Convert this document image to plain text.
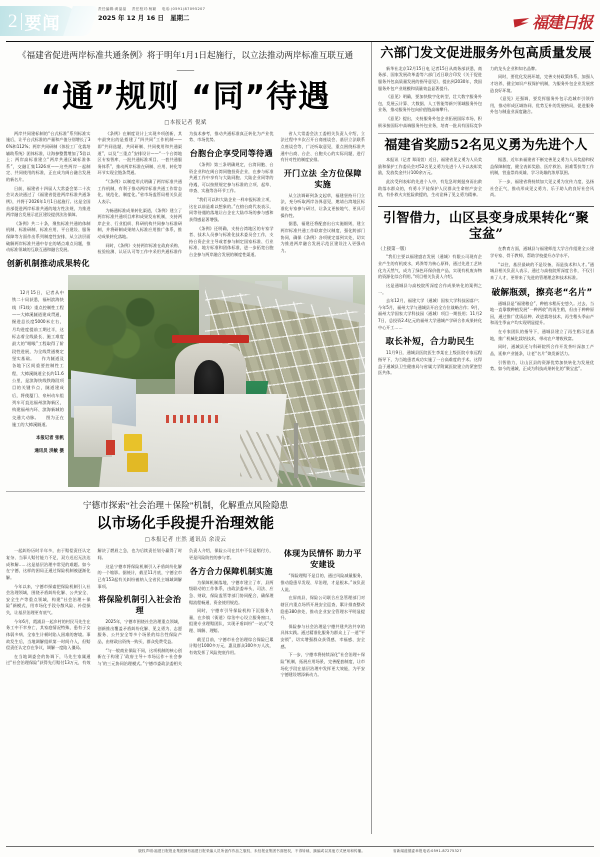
2 要闻
责任编辑∶黄晶晶 　责任校对∶杨颖 　电话∶(0591)87095207
2025 年 12 月 16 日　星期二	福建日报
《福建省促进两岸标准共通条例》将于明年1月1日起施行，以立法推动两岸标准互联互通——
“通”规则 “同”待遇
□本报记者 倪斌

两岸共同建标制的“台式标准”系列标准实施后，让平台式标准的产量和产值分别增长了36%和112%；两岸共同研制《体验工厂化栽培辅助系统》团体标准，让海参整置增加了5倍以上；两岸高标准建立“两岸共通区域标准体系”，交融汇集1326项——这些两岸一起制定、共同使用的标准，正在成为闽台融合发展的新名片。

日前，福建省十四届人大常委会第二十次会议表决通过了《福建省促进两岸标准共通条例》，并将于2026年1月1日起施行。这是全国首部促进两岸标准共通的地方性法规，为推进两岸融合发展示范区建设提供法治保障。

《条例》共二十条，聚焦标准共通的体制机制、标准研制、标准应用、平台建设、服务保障等方面作出系列制度性安排，从立法层面破解两岸标准共通中存在的堵点难点问题，推动标准领域的互联互通和融合发展。

创新机制推动成果转化

《条例》在制度设计上实现多项创新，其中最突出的是搭建了“四共同”工作机制——即“共同选题、共同研制、共同使用和共通渠道”，以及“三重点”安排设计——“一个台湾地区专家智库、一批共通标准项目、一套共通服务体系”，推动两岸标准在研制、应用、转化等环节实现全链条贯通。

“《条例》以制度形式明确了两岸标准共通工作机制，有利于推动两岸标准共通工作常态化、规范化、制度化。”省市场监管局相关负责人表示。

为畅通标准成果转化渠道，《条例》建立了两岸标准共通项目库和成果发布机制，支持两岸企业、行业组织、科研机构共同参与标准研制，并将研制成果纳入标准应用推广体系，推动成果转化落地。

同时，《条例》支持两岸标准在政府采购、检验检测、认证认可等工作中采用共通标准作为技术参考，推动共通标准真正转化为产业优势、市场优势。

台胞台企享受同等待遇

《条例》第三条明确规定，台湾同胞、台资企业和在闽台湾同胞投资企业，在参与标准共通工作中享有与大陆同胞、大陆企业同等的待遇，可以按照规定参与标准的立项、起草、审查、实施等各环节工作。

“我们可以和大陆企业一样申报标准立项，这在以前是难以想象的。”在榕台商代表表示，同等待遇的落地让台企在大陆市场的参与感和获得感显著增强。

《条例》还明确，支持台湾地区的专家学者、技术人员参与标准化技术委员会工作，支持台资企业主导或者参与制定国家标准、行业标准、地方标准和团体标准，进一步拓宽台胞台企参与两岸融合发展的制度性渠道。

省人大常委会法工委相关负责人介绍，立法过程中多次召开台商座谈会、基层立法联系点座谈会等，广泛听取意见，重点围绕标准共通中台商、台企、台胞关心的实际问题，进行有针对性的制度安排。

开门立法 全方位保障实施

从立法调研到条文起草，福建坚持开门立法，充分听取两岸各界意见，邀请台湾地区标准化专家参与研讨，让条文更接地气、更具可操作性。

据悉，福建还将配套出台实施细则，建立两岸标准共通工作联席会议制度，强化跨部门协同，确保《条例》各项规定落到实处，切实为推进两岸融合发展示范区建设注入更强动力。

12月15日，记者从中铁二十局获悉，福州滨海快线（F1线）重点控制性工程——大樟溪隧道建成贯通，掘进总长度5000米左右，月均进度提前工期过半，这标志着全线最长、施工难度最大的“咽喉”工程取得了阶段性进展，为全线贯通奠定坚实基础。　　作为隧道及各地下区间重要控制性工程，大樟溪隧道全长约11.6公里，是滨海快线铁路段项目的关键节点，隧道建成后，将使厦门、泉州动车组列车可直达福州滨海新区，构建福州内环、滨海新城的交通大动脉。　　图为正在施工的大樟溪隧道。
本报记者 张帆
通讯员 洪敏 摄
宁德市探索“社会治理＋保险”机制，化解重点风险隐患
以市场化手段提升治理效能
□本报记者 庄然 通讯员 余凌云

一起纠纷历时半年多，由于赔偿责任认定复杂、当事人赔付能力不足，双方迟迟无法达成和解……这是基层治理中常见的难题。如今在宁德，这样的困局正通过保险机制被逐渐化解。

今年以来，宁德市探索把保险机制引入社会治理领域，围绕矛盾纠纷化解、公共安全、安全生产等重点领域，构建“社会治理＋保险”新模式，用市场化手段分散风险、补偿损失，让基层治理更有底气。

今年6月，霞浦县一起乡村的村民马先生在务工中不幸身亡，其家庭情况特殊，患有子女体弱多病、全家生计顿时陷入困难的窘境。事故发生后，当地调解组织第一时间介入，但赔偿责任认定存在争议，调解一度陷入僵局。

在当地调委会的协调下，马先生家属通过“社会治理保险”获得先行赔付13万元，有效解决了燃眉之急，也为后续责任划分赢得了时间。

这是宁德市将保险机制引入矛盾纠纷化解的一个缩影。据统计，截至11月底，宁德全市已有153起有关纠纷被纳入全省民主城域调解事项。

将保险机制引入社会治理

2025年，宁德市围绕社会治理重点领域，创新推出覆盖矛盾纠纷化解、见义勇为、志愿服务、公共安全等多个场景的综合性保险产品，由财政出资统一购买，群众免费受益。

“与一般商业保险不同，这项机制的核心创新在于构建了‘政府主导＋市场运作＋社会参与’的三元协同治理模式。”宁德市委政法委相关负责人介绍，保险公司在其中不仅是赔付方，更是风险防控的参与者。

各方合力保障机制实施

为保障机制落地，宁德市建立了市、县两级联动的工作体系，由政法委牵头，司法、应急、财政、保险监管等部门协同配合，确保理赔流程畅通、资金使用规范。

同时，宁德市引导保险机构下沉服务力量，在乡镇（街道）综治中心设立服务窗口，组建专业理赔团队，实现矛盾纠纷“一站式”受理、调解、理赔。

截至目前，宁德市社会治理综合保险已累计赔付1000多万元，惠及群众300多万人次，有效发挥了风险兜底作用。

体现为民情怀 助力平安建设

“保险理赔不是目的，通过风险减量服务，推动隐患早发现、早治理，才是根本。”该负责人说。

在屏南县，保险公司联合应急管理部门对辖区内重点场所开展安全巡查，累计排查整改隐患380余处，推动企业安全管理水平明显提升。

保险参与社会治理是宁德共建共治共享的具体实践。通过精准化服务为群众上了一道“平安锁”，切实增强群众获得感、幸福感、安全感。

下一步，宁德市将持续深化“社会治理＋保险”机制，拓展应用场景，完善配套制度，让市场化手段在基层治理中发挥更大效能，为平安宁德建设增添新动力。

六部门发文促进服务外包高质量发展

新华社北京12月15日电 记者15日从商务部获悉，商务部、国家发展改革委等六部门近日联合印发《关于促进服务外包高质量发展的指导意见》，提出到2030年，我国服务外包产业规模和质量效益显著提升。

《意见》明确，要加快数字化转型，壮大数字服务外包，发展云计算、大数据、人工智能等新兴领域服务外包业务，推动服务外包向价值链高端攀升。

《意见》提出，支持服务外包企业拓展国际市场，积极承接国际中高端服务外包业务，培育一批具有国际竞争力的龙头企业和知名品牌。

同时，要优化发展环境，完善支持政策体系，加强人才培养，健全知识产权保护机制，为服务外包企业发展营造良好环境。

《意见》还强调，要发挥服务外包示范城市引领作用，推动形成区域协同、优势互补的发展格局，促进服务外包与制造业深度融合。

福建省奖励52名见义勇为先进个人

本报讯（记者 郑雨萱）近日，福建省见义勇为人员奖励和保护工作委员会对52名见义勇为先进个人予以表彰奖励，发放奖金共计100余万元。

此次受到表彰的先进个人中，有危急时刻挺身而出救助落水群众的，有勇斗歹徒保护人民群众生命财产安全的，有扑救火灾抢险救援的，生动诠释了见义勇为精神。

据悉，近年来福建省不断完善见义勇为人员奖励和权益保障制度，健全表彰奖励、医疗救治、困难帮扶等工作机制，营造崇尚英雄、学习英雄的浓厚氛围。

下一步，福建省将持续加大见义勇为宣传力度，弘扬社会正气，推动形成见义勇为、乐于助人的良好社会风尚。

引智借力，山区县变身成果转化“聚宝盆”
（上接第一版）

“我们主要以福建盛农发展（通城）有限公司现有企业产生的有机废水，鸡粪等为核心原料，通过先进工艺转化为天然气，成为了绿色环保价值产品，实现有机废弃物的资源化综合利用。”项目相关负责人介绍。

这是通城县与高校院所深度合作成果转化的案例之一。

去年12月，福建大学（通城）国家大学科技园落户；今年5月，福州大学与通城县开启全方位战略合作；9月，福州大学国家大学科技园（通城）项目一期投用；11月27日，总投资2.4亿元的福州大学通城产学研合作成果转化中心开工……

取长补短，合力助民生

11月9日，通城县医院医生李某在上级医院专家远程指导下，为当地患者成功实施了一台高难度的手术。这得益于通城县卫生健康局与省属大学附属医院建立的紧密型医共体。

在教育方面，通城县与福建师范大学合作组建全公建学专家、骨干教师，帮助学校提升办学水平。

“以往，基层最缺的不是设备，而是技术和人才。”通城县相关负责人表示，通过与高校院所深度合作，不仅引来了人才，更带来了先进的管理理念和技术标准。

破解瓶颈，擦亮老“名片”

通城县是“福建粮仓”，种植水稻历史悠久。过去，当地一直靠散种植发展“一种两收”的再生稻，但由于种种原因，通过推广优质品种、改进栽培技术，再生稻头季亩产和再生季亩产均实现明显提升。

在专家团队的指导下，通城县建立了再生稻示范基地，推广机械化栽培技术，带动农户增收致富。

同时，通城县还与科研院所合作开发茶叶深加工产品，延伸产业链条，让老“名片”焕发新活力。

引智借力，让山区县的资源优势加快转化为发展优势。如今的通城，正成为科技成果转化的“聚宝盆”。

版权声明∶福建日报报业集团拥有福建日报采编人员所创作作品之版权，未经报业集团书面授权，不得转载、摘编或以其他方式使用和传播。	省新闻道德委举报电话∶0591-87275327
